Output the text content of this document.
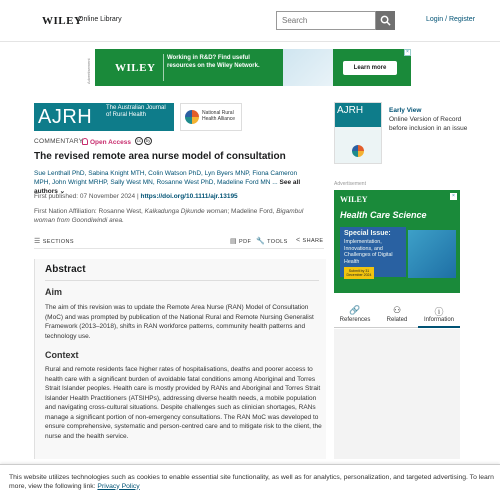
WILEY
Online Library
Search	Login / Register
Advertisement WILEY
Working in R&D? Find useful resources on the Wiley Network.	Learn more
×
AJRH The Australian Journal of Rural Health	National Rural Health Alliance
COMMENTARY	Open Access	cc by
The revised remote area nurse model of consultation
Sue Lenthall PhD, Sabina Knight MTH, Colin Watson PhD, Lyn Byers MNP, Fiona Cameron MPH, John Wright MRHP, Sally West MN, Rosanne West PhD, Madeline Ford MN ... See all authors ⌄
First published: 07 November 2024 | https://doi.org/10.1111/ajr.13195
First Nation Affiliation: Rosanne West, Kalkadunga Djkunde woman; Madeline Ford, Bigambul woman from Goondiwindi area.
☰ SECTIONS	▤ PDF 🔧 TOOLS < SHARE
Abstract
Aim

The aim of this revision was to update the Remote Area Nurse (RAN) Model of Consultation (MoC) and was prompted by publication of the National Rural and Remote Nursing Generalist Framework (2013–2018), shifts in RAN workforce patterns, community health patterns and technology use.

Context

Rural and remote residents face higher rates of hospitalisations, deaths and poorer access to health care with a significant burden of avoidable fatal conditions among Aboriginal and Torres Strait Islander peoples. Health care is mostly provided by RANs and Aboriginal and Torres Strait Islander Health Practitioners (ATSIHPs), addressing diverse health needs, a mobile population and navigating cross-cultural situations. Despite challenges such as clinician shortages, RANs manage a significant portion of non-emergency consultations. The RAN MoC was developed to ensure comprehensive, systematic and person-centred care and to mitigate risk to the client, the nurse and the health service.

AJRH	Early View
Online Version of Record before inclusion in an issue
Advertisement
WILEY	×
Health Care Science
Special Issue:
Implementation, Innovations, and Challenges of Digital Health
Submit by 31 December 2024
🔗
References
⚇
Related
ⓘ
Information

This website utilizes technologies such as cookies to enable essential site functionality, as well as for analytics, personalization, and targeted advertising. To learn more, view the following link: Privacy Policy
